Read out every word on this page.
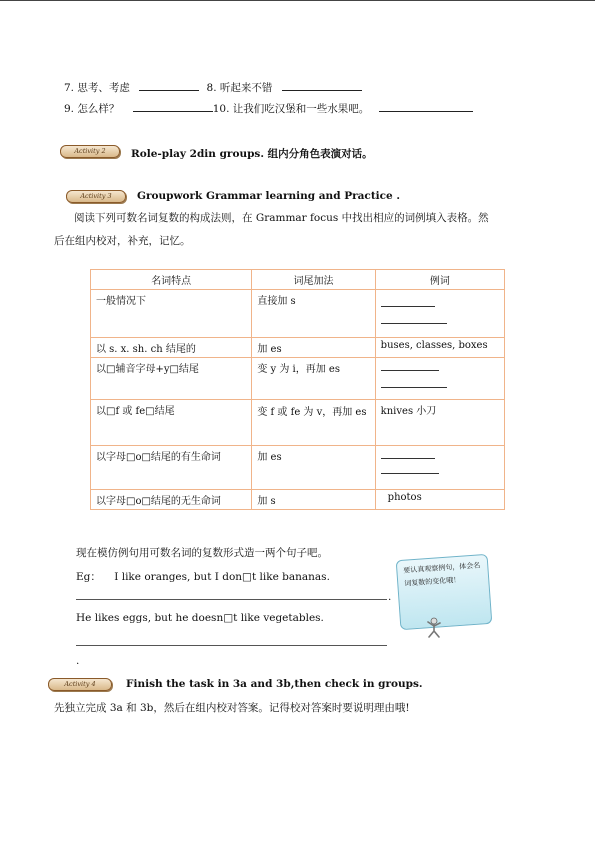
7. 思考、考虑	8. 听起来不错
9. 怎么样？	10. 让我们吃汉堡和一些水果吧。
Activity 2	Role-play 2din groups. 组内分角色表演对话。
Activity 3	Groupwork Grammar learning and Practice .
阅读下列可数名词复数的构成法则，在 Grammar focus 中找出相应的词例填入表格。然
后在组内校对，补充，记忆。
名词特点	词尾加法	例词
一般情况下	直接加 s	

以 s. x. sh. ch 结尾的	加 es	buses, classes, boxes
以□辅音字母+y□结尾	变 y 为 i，再加 es	

以□f 或 fe□结尾	变 f 或 fe 为 v，再加 es	knives 小刀
以字母□o□结尾的有生命词	加 es	

以字母□o□结尾的无生命词	加 s	photos
现在模仿例句用可数名词的复数形式造一两个句子吧。
Eg： I like oranges, but I don□t like bananas.
.
He likes eggs, but he doesn□t like vegetables.
.
要认真观察例句，体会名词复数的变化哦！
Activity 4	Finish the task in 3a and 3b,then check in groups.
先独立完成 3a 和 3b，然后在组内校对答案。记得校对答案时要说明理由哦!
